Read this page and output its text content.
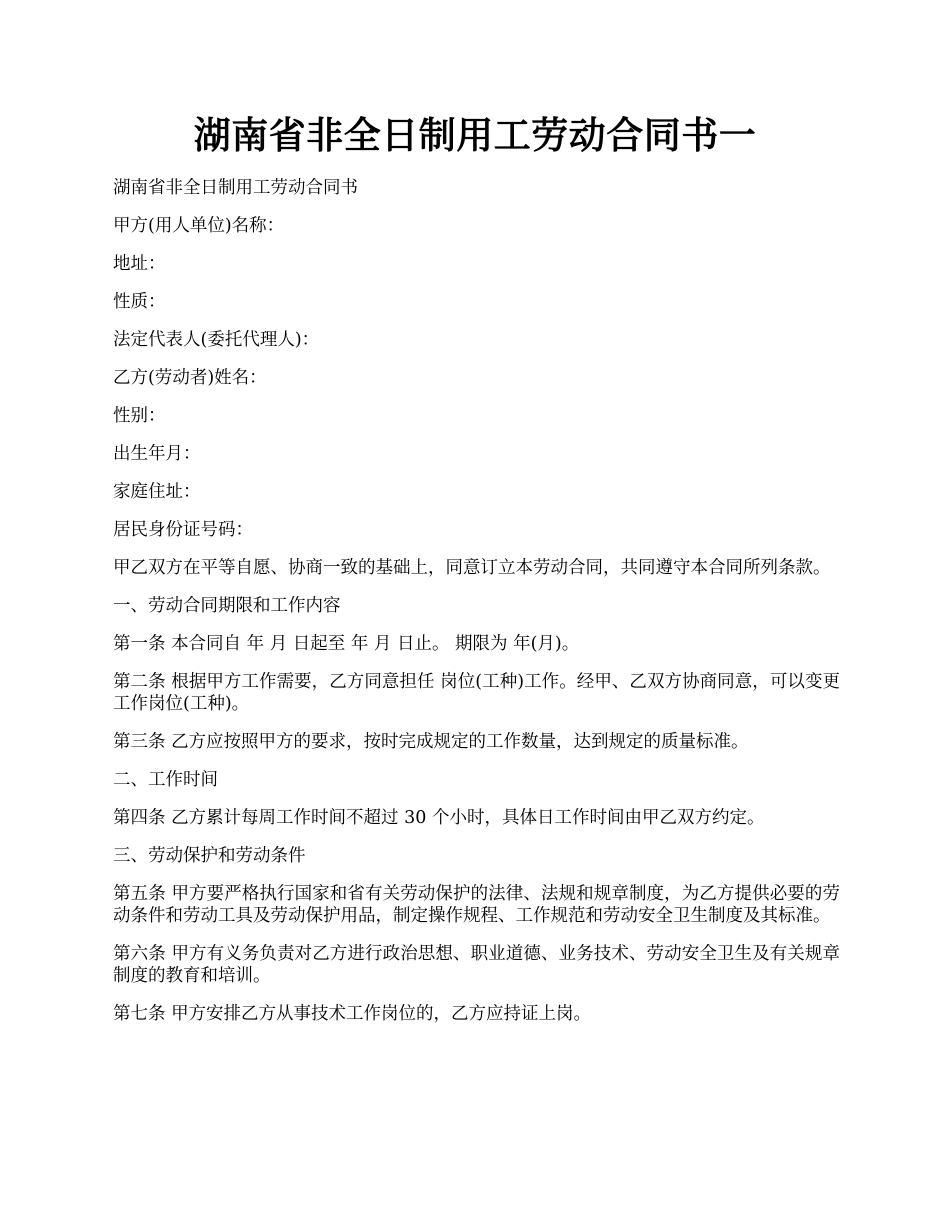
湖南省非全日制用工劳动合同书一

湖南省非全日制用工劳动合同书

甲方(用人单位)名称：

地址：

性质：

法定代表人(委托代理人)：

乙方(劳动者)姓名：

性别：

出生年月：

家庭住址：

居民身份证号码：

甲乙双方在平等自愿、协商一致的基础上，同意订立本劳动合同，共同遵守本合同所列条款。

一、劳动合同期限和工作内容

第一条 本合同自 年 月 日起至 年 月 日止。 期限为 年(月)。

第二条 根据甲方工作需要，乙方同意担任 岗位(工种)工作。经甲、乙双方协商同意，可以变更工作岗位(工种)。

第三条 乙方应按照甲方的要求，按时完成规定的工作数量，达到规定的质量标准。

二、工作时间

第四条 乙方累计每周工作时间不超过 30 个小时，具体日工作时间由甲乙双方约定。

三、劳动保护和劳动条件

第五条 甲方要严格执行国家和省有关劳动保护的法律、法规和规章制度，为乙方提供必要的劳动条件和劳动工具及劳动保护用品，制定操作规程、工作规范和劳动安全卫生制度及其标准。

第六条 甲方有义务负责对乙方进行政治思想、职业道德、业务技术、劳动安全卫生及有关规章制度的教育和培训。

第七条 甲方安排乙方从事技术工作岗位的，乙方应持证上岗。
